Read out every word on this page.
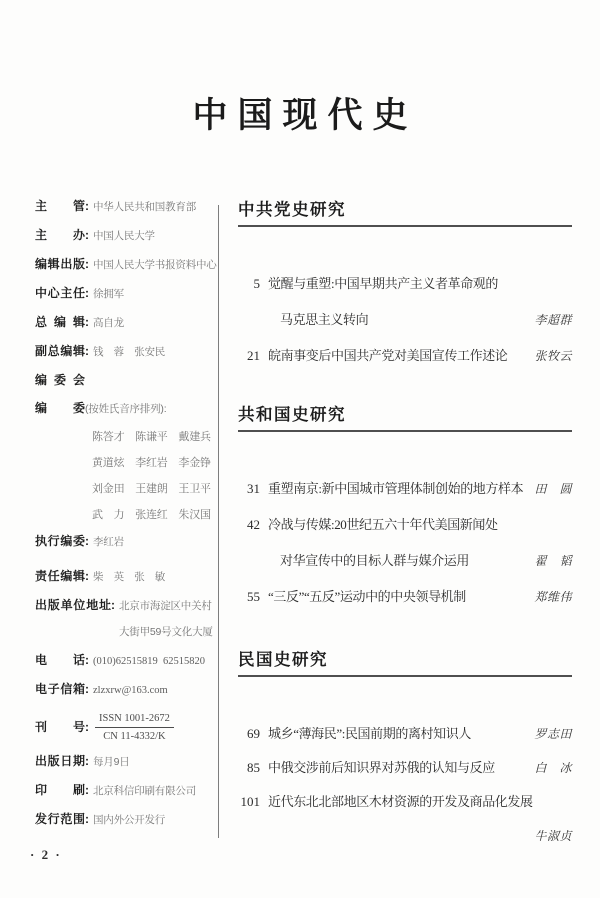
中国现代史
主管 : 中华人民共和国教育部
主办 : 中国人民大学
编辑出版 : 中国人民大学书报资料中心
中心主任 : 徐拥军
总编辑 : 高自龙
副总编辑 : 钱　蓉　张安民
编委会
编委 (按姓氏音序排列):
陈答才　陈谦平　戴建兵
黄道炫　李红岩　李金铮
刘金田　王建朗　王卫平
武　力　张连红　朱汉国
执行编委 : 李红岩
责任编辑 : 柴　英　张　敏
出版单位地址 : 北京市海淀区中关村
大街甲59号文化大厦
电话 : (010)62515819  62515820
电子信箱 : zlzxrw@163.com
刊号 :
ISSN 1001-2672
CN 11-4332/K
出版日期 : 每月9日
印刷 : 北京科信印刷有限公司
发行范围 : 国内外公开发行
中共党史研究
5 觉醒与重塑:中国早期共产主义者革命观的
马克思主义转向	李超群
21 皖南事变后中国共产党对美国宣传工作述论	张牧云
共和国史研究
31 重塑南京:新中国城市管理体制创始的地方样本 田　圆
42 冷战与传媒:20世纪五六十年代美国新闻处
对华宣传中的目标人群与媒介运用	翟　韬
55 “三反”“五反”运动中的中央领导机制	郑维伟
民国史研究
69 城乡“薄海民”:民国前期的离村知识人	罗志田
85 中俄交涉前后知识界对苏俄的认知与反应	白　冰
101 近代东北北部地区木材资源的开发及商品化发展
牛淑贞
· 2 ·
